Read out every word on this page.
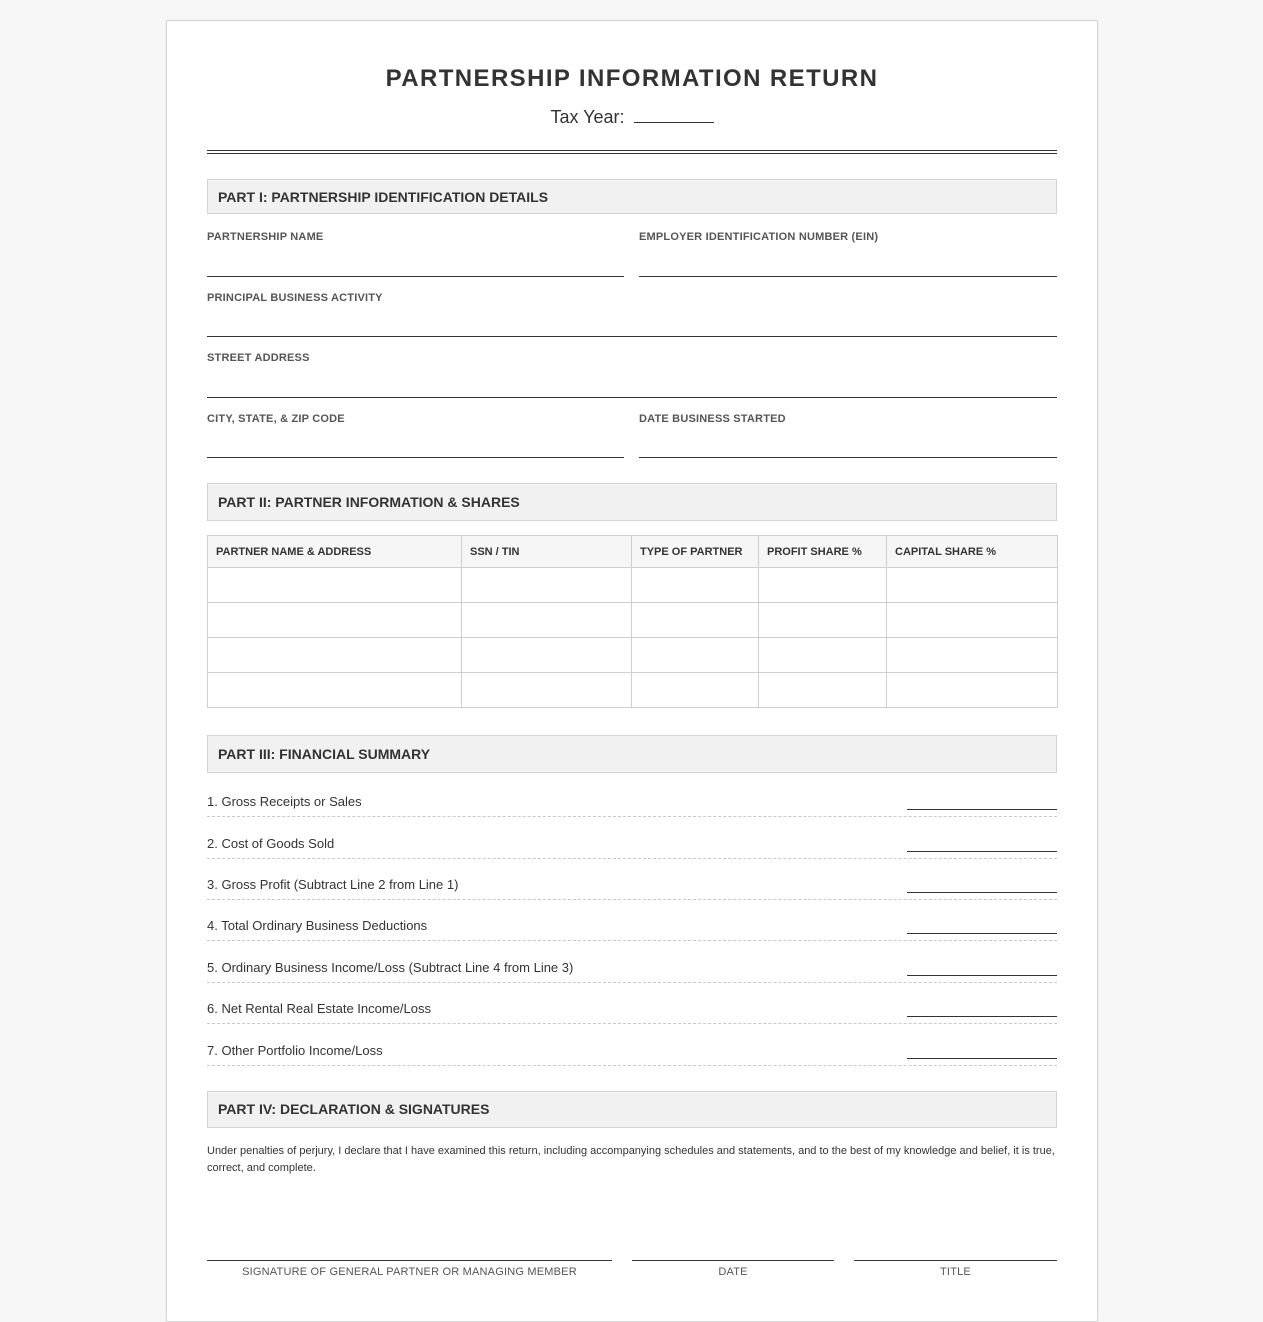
PARTNERSHIP INFORMATION RETURN
Tax Year:
PART I: PARTNERSHIP IDENTIFICATION DETAILS
PARTNERSHIP NAME	EMPLOYER IDENTIFICATION NUMBER (EIN)
PRINCIPAL BUSINESS ACTIVITY
STREET ADDRESS
CITY, STATE, & ZIP CODE	DATE BUSINESS STARTED
PART II: PARTNER INFORMATION & SHARES
PARTNER NAME & ADDRESS	SSN / TIN	TYPE OF PARTNER	PROFIT SHARE %	CAPITAL SHARE %

PART III: FINANCIAL SUMMARY
1. Gross Receipts or Sales
2. Cost of Goods Sold
3. Gross Profit (Subtract Line 2 from Line 1)
4. Total Ordinary Business Deductions
5. Ordinary Business Income/Loss (Subtract Line 4 from Line 3)
6. Net Rental Real Estate Income/Loss
7. Other Portfolio Income/Loss
PART IV: DECLARATION & SIGNATURES
Under penalties of perjury, I declare that I have examined this return, including accompanying schedules and statements, and to the best of my knowledge and belief, it is true, correct, and complete.
SIGNATURE OF GENERAL PARTNER OR MANAGING MEMBER	DATE	TITLE
